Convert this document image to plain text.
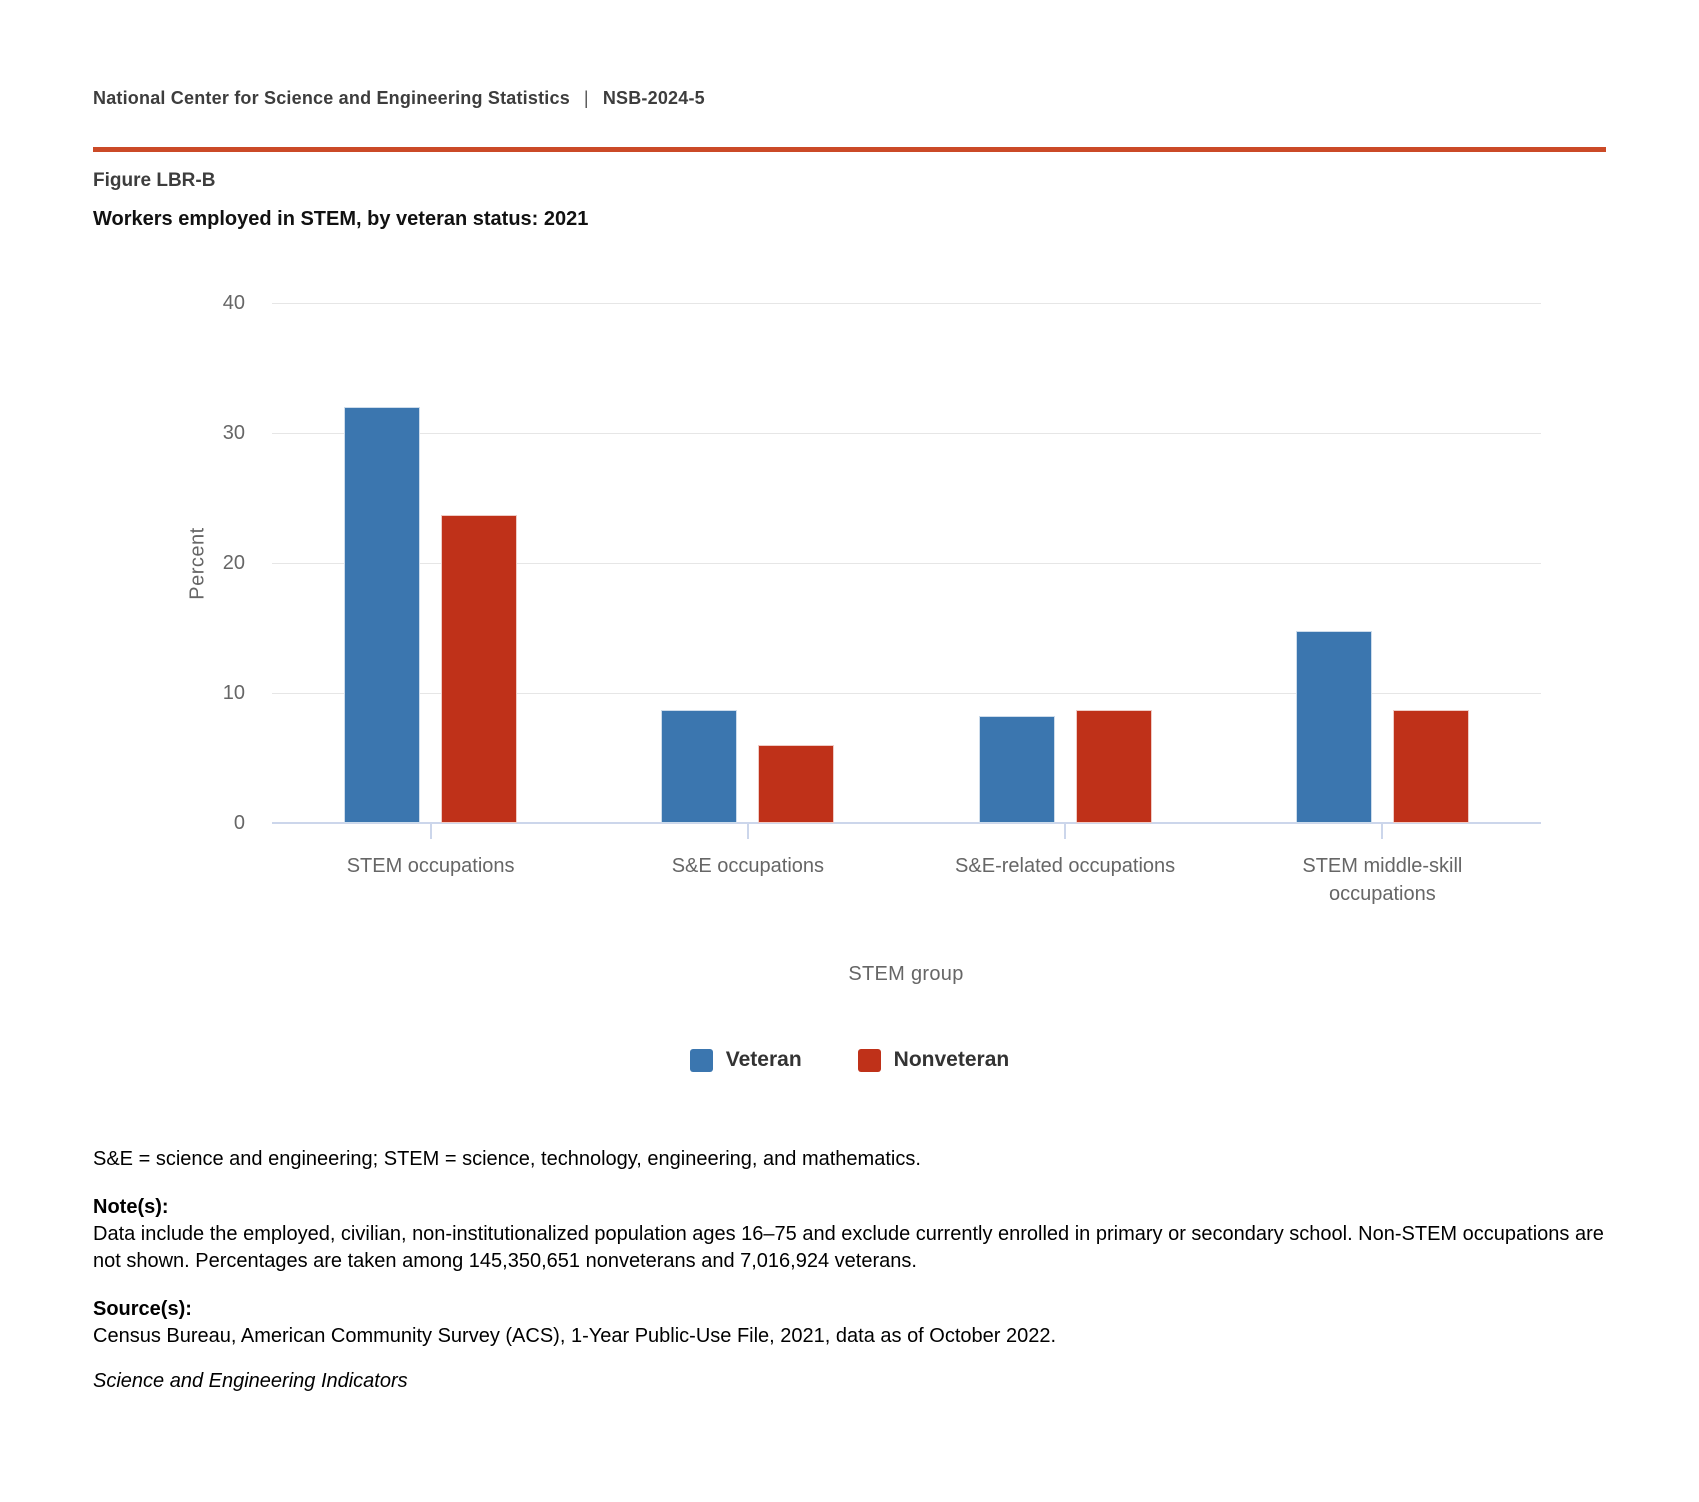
National Center for Science and Engineering Statistics | NSB-2024-5
Figure LBR-B
Workers employed in STEM, by veteran status: 2021
Percent
0
10
20
30
40
STEM occupations	S&E occupations	S&E-related occupations	STEM middle-skill
occupations
STEM group
Veteran	Nonveteran
S&E = science and engineering; STEM = science, technology, engineering, and mathematics.
Note(s):
Data include the employed, civilian, non-institutionalized population ages 16–75 and exclude currently enrolled in primary or secondary school. Non-STEM occupations are not shown. Percentages are taken among 145,350,651 nonveterans and 7,016,924 veterans.
Source(s):
Census Bureau, American Community Survey (ACS), 1-Year Public-Use File, 2021, data as of October 2022.
Science and Engineering Indicators
